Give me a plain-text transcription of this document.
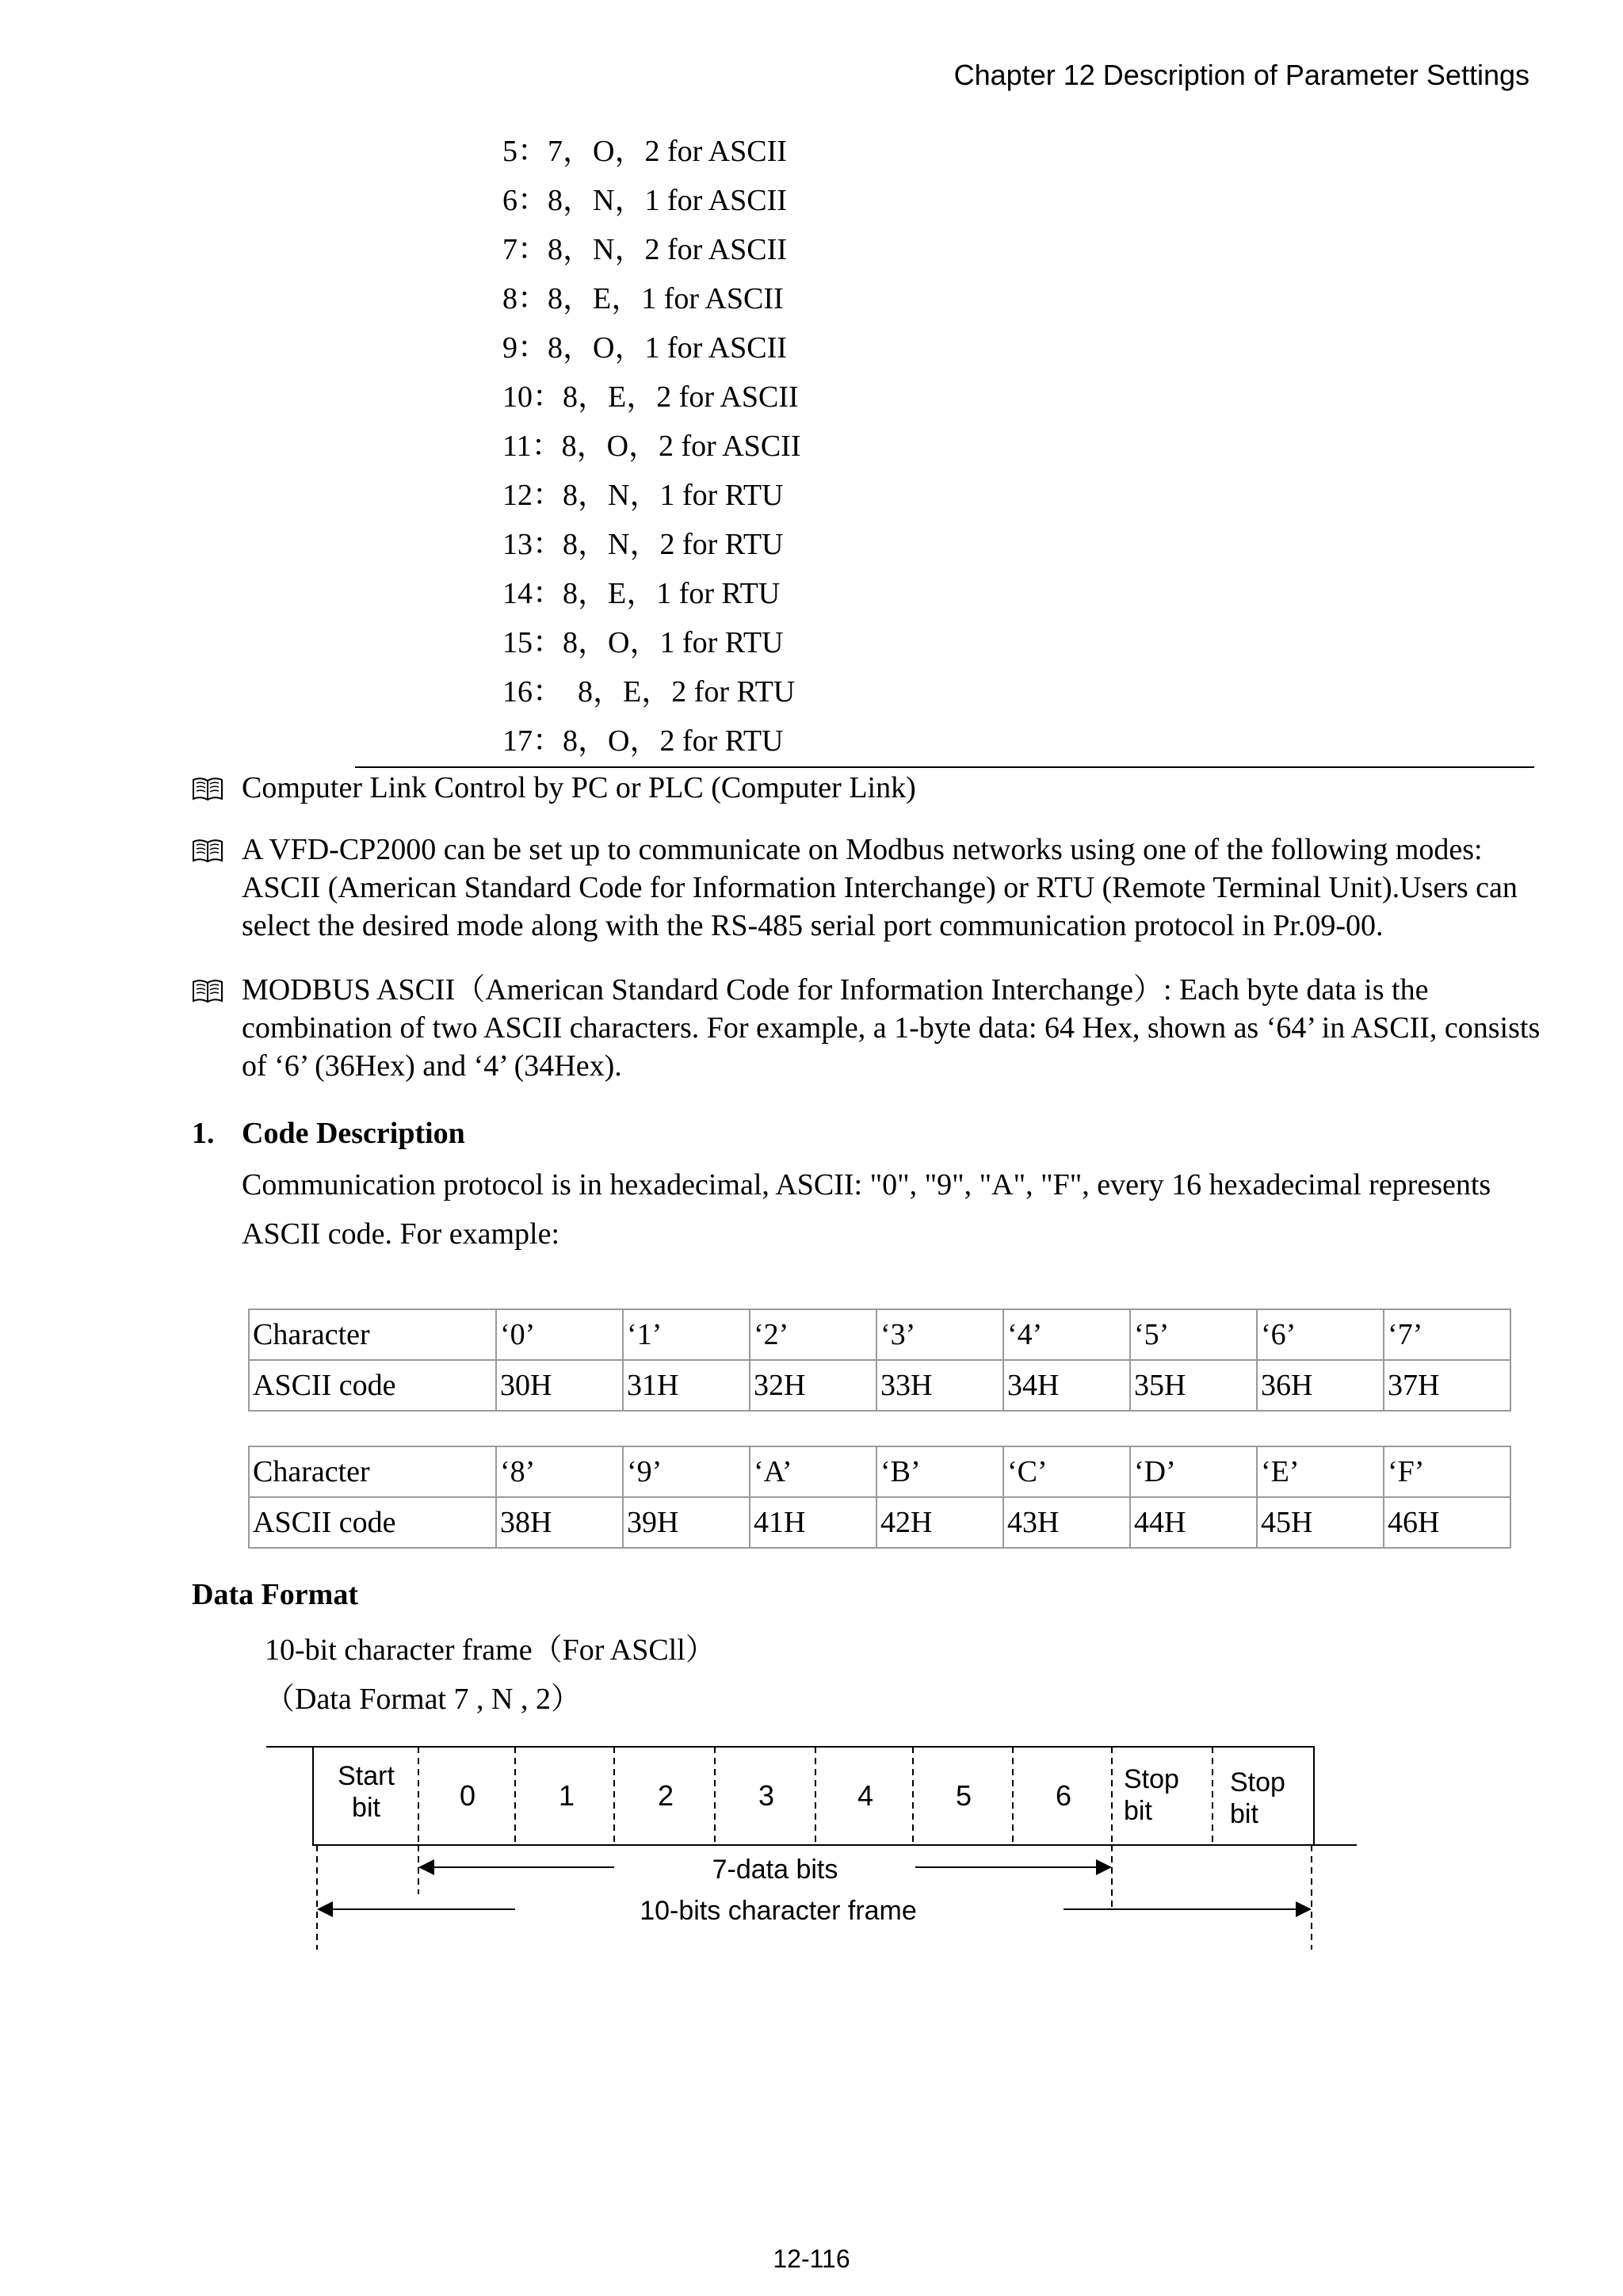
Chapter 12 Description of Parameter Settings
5：7，O，2 for ASCII
6：8，N，1 for ASCII
7：8，N，2 for ASCII
8：8，E，1 for ASCII
9：8，O，1 for ASCII
10：8，E，2 for ASCII
11：8，O，2 for ASCII
12：8，N，1 for RTU
13：8，N，2 for RTU
14：8，E，1 for RTU
15：8，O，1 for RTU
16：  8，E，2 for RTU
17：8，O，2 for RTU

Computer Link Control by PC or PLC (Computer Link)

A VFD-CP2000 can be set up to communicate on Modbus networks using one of the following modes: ASCII (American Standard Code for Information Interchange) or RTU (Remote Terminal Unit).Users can select the desired mode along with the RS-485 serial port communication protocol in Pr.09-00.

MODBUS ASCII（American Standard Code for Information Interchange）: Each byte data is the combination of two ASCII characters. For example, a 1-byte data: 64 Hex, shown as ‘64’ in ASCII, consists of ‘6’ (36Hex) and ‘4’ (34Hex).

1. Code Description
Communication protocol is in hexadecimal, ASCII: "0", "9", "A", "F", every 16 hexadecimal represents ASCII code. For example:
Character	‘0’	‘1’	‘2’	‘3’	‘4’	‘5’	‘6’	‘7’
ASCII code	30H	31H	32H	33H	34H	35H	36H	37H
Character	‘8’	‘9’	‘A’	‘B’	‘C’	‘D’	‘E’	‘F’
ASCII code	38H	39H	41H	42H	43H	44H	45H	46H
Data Format
10-bit character frame（For ASCll）
（Data Format 7 , N , 2）
Start
bit	0	1	2	3	4	5	6 Stop
bit
Stop
bit
7-data bits
10-bits character frame
12-116
